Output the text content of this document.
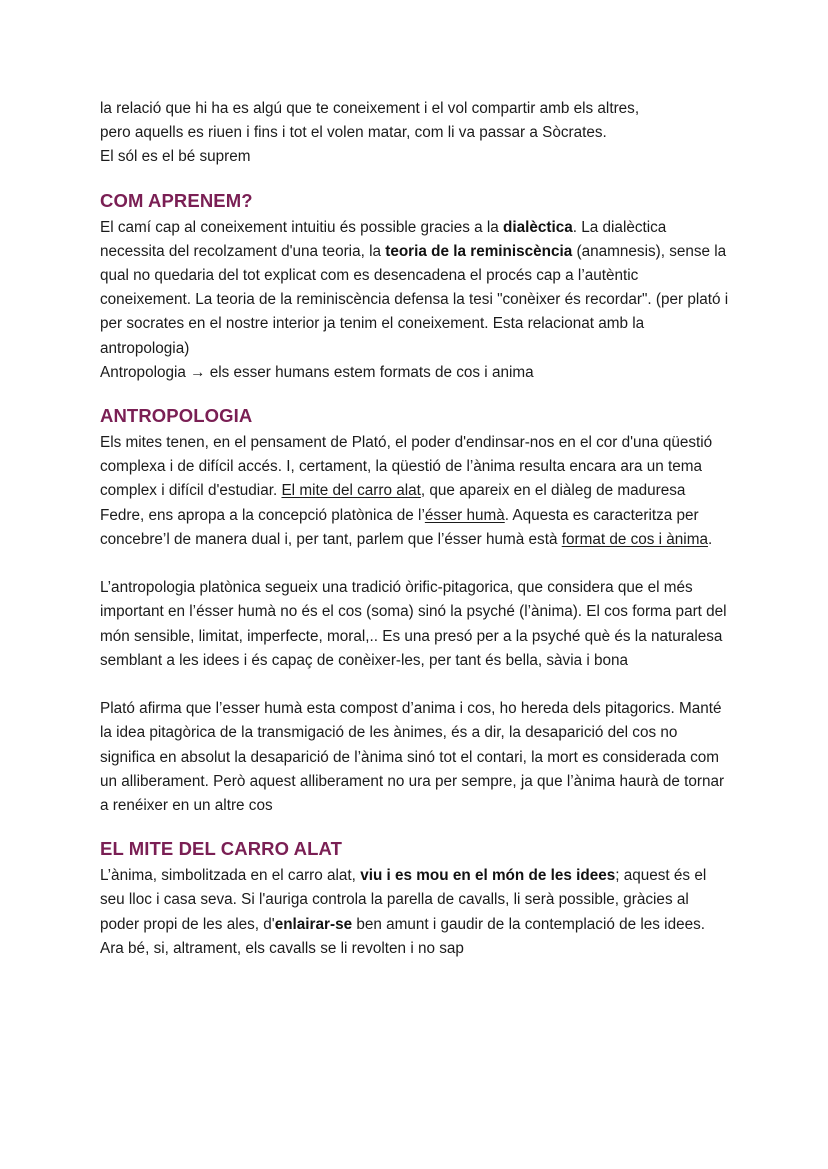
la relació que hi ha es algú que te coneixement i el vol compartir amb els altres,

pero aquells es riuen i fins i tot el volen matar, com li va passar a Sòcrates.

El sól es el bé suprem

COM APRENEM?

El camí cap al coneixement intuitiu és possible gracies a la dialèctica. La dialèctica necessita del recolzament d'una teoria, la teoria de la reminiscència (anamnesis), sense la qual no quedaria del tot explicat com es desencadena el procés cap a l’autèntic coneixement. La teoria de la reminiscència defensa la tesi "conèixer és recordar". (per plató i per socrates en el nostre interior ja tenim el coneixement. Esta relacionat amb la antropologia)

Antropologia → els esser humans estem formats de cos i anima

ANTROPOLOGIA

Els mites tenen, en el pensament de Plató, el poder d'endinsar-nos en el cor d'una qüestió complexa i de difícil accés. I, certament, la qüestió de l’ànima resulta encara ara un tema complex i difícil d'estudiar. El mite del carro alat, que apareix en el diàleg de maduresa Fedre, ens apropa a la concepció platònica de l’ésser humà. Aquesta es caracteritza per concebre’l de manera dual i, per tant, parlem que l’ésser humà està format de cos i ànima.

L’antropologia platònica segueix una tradició òrific-pitagorica, que considera que el més important en l’ésser humà no és el cos (soma) sinó la psyché (l’ànima). El cos forma part del món sensible, limitat, imperfecte, moral,.. Es una presó per a la psyché què és la naturalesa semblant a les idees i és capaç de conèixer-les, per tant és bella, sàvia i bona

Plató afirma que l’esser humà esta compost d’anima i cos, ho hereda dels pitagorics. Manté la idea pitagòrica de la transmigació de les ànimes, és a dir, la desaparició del cos no significa en absolut la desaparició de l’ànima sinó tot el contari, la mort es considerada com un alliberament. Però aquest alliberament no ura per sempre, ja que l’ànima haurà de tornar a renéixer en un altre cos

EL MITE DEL CARRO ALAT

L’ànima, simbolitzada en el carro alat, viu i es mou en el món de les idees; aquest és el seu lloc i casa seva. Si l'auriga controla la parella de cavalls, li serà possible, gràcies al poder propi de les ales, d'enlairar-se ben amunt i gaudir de la contemplació de les idees. Ara bé, si, altrament, els cavalls se li revolten i no sap
